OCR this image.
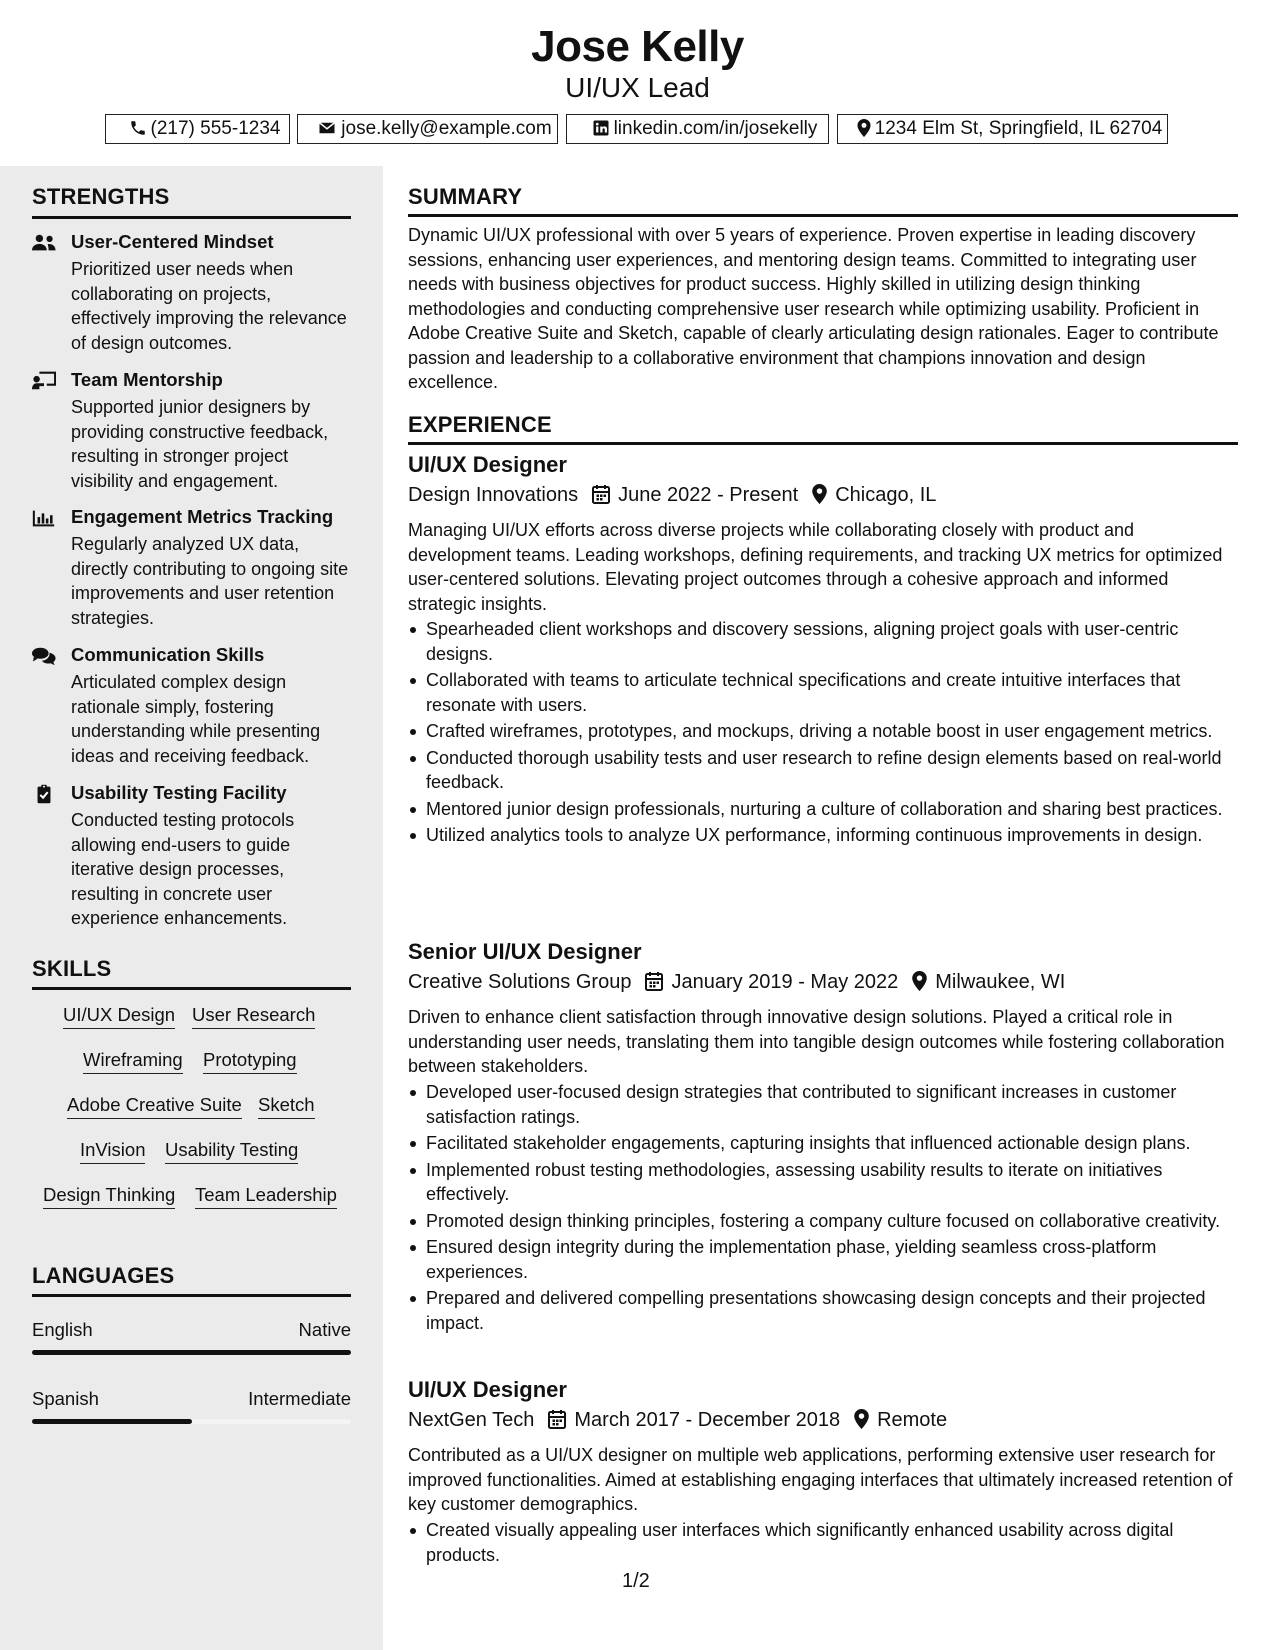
Jose Kelly
UI/UX Lead
(217) 555-1234	jose.kelly@example.com	linkedin.com/in/josekelly	1234 Elm St, Springfield, IL 62704
STRENGTHS
User-Centered Mindset
Prioritized user needs when collaborating on projects, effectively improving the relevance of design outcomes.
Team Mentorship
Supported junior designers by providing constructive feedback, resulting in stronger project visibility and engagement.
Engagement Metrics Tracking
Regularly analyzed UX data, directly contributing to ongoing site improvements and user retention strategies.
Communication Skills
Articulated complex design rationale simply, fostering understanding while presenting ideas and receiving feedback.
Usability Testing Facility
Conducted testing protocols allowing end-users to guide iterative design processes, resulting in concrete user experience enhancements.
SKILLS
UI/UX Design User Research
Wireframing Prototyping
Adobe Creative Suite Sketch
InVision Usability Testing
Design Thinking Team Leadership
LANGUAGES
English	Native
Spanish	Intermediate
SUMMARY
Dynamic UI/UX professional with over 5 years of experience. Proven expertise in leading discovery sessions, enhancing user experiences, and mentoring design teams. Committed to integrating user needs with business objectives for product success. Highly skilled in utilizing design thinking methodologies and conducting comprehensive user research while optimizing usability. Proficient in Adobe Creative Suite and Sketch, capable of clearly articulating design rationales. Eager to contribute passion and leadership to a collaborative environment that champions innovation and design excellence.
EXPERIENCE
UI/UX Designer
Design Innovations June 2022 - Present Chicago, IL
Managing UI/UX efforts across diverse projects while collaborating closely with product and development teams. Leading workshops, defining requirements, and tracking UX metrics for optimized user-centered solutions. Elevating project outcomes through a cohesive approach and informed strategic insights.
Spearheaded client workshops and discovery sessions, aligning project goals with user-centric designs.
Collaborated with teams to articulate technical specifications and create intuitive interfaces that resonate with users.
Crafted wireframes, prototypes, and mockups, driving a notable boost in user engagement metrics.
Conducted thorough usability tests and user research to refine design elements based on real-world feedback.
Mentored junior design professionals, nurturing a culture of collaboration and sharing best practices.
Utilized analytics tools to analyze UX performance, informing continuous improvements in design.
Senior UI/UX Designer
Creative Solutions Group January 2019 - May 2022 Milwaukee, WI
Driven to enhance client satisfaction through innovative design solutions. Played a critical role in understanding user needs, translating them into tangible design outcomes while fostering collaboration between stakeholders.
Developed user-focused design strategies that contributed to significant increases in customer satisfaction ratings.
Facilitated stakeholder engagements, capturing insights that influenced actionable design plans.
Implemented robust testing methodologies, assessing usability results to iterate on initiatives effectively.
Promoted design thinking principles, fostering a company culture focused on collaborative creativity.
Ensured design integrity during the implementation phase, yielding seamless cross-platform experiences.
Prepared and delivered compelling presentations showcasing design concepts and their projected impact.
UI/UX Designer
NextGen Tech March 2017 - December 2018 Remote
Contributed as a UI/UX designer on multiple web applications, performing extensive user research for improved functionalities. Aimed at establishing engaging interfaces that ultimately increased retention of key customer demographics.
Created visually appealing user interfaces which significantly enhanced usability across digital products.
1/2
